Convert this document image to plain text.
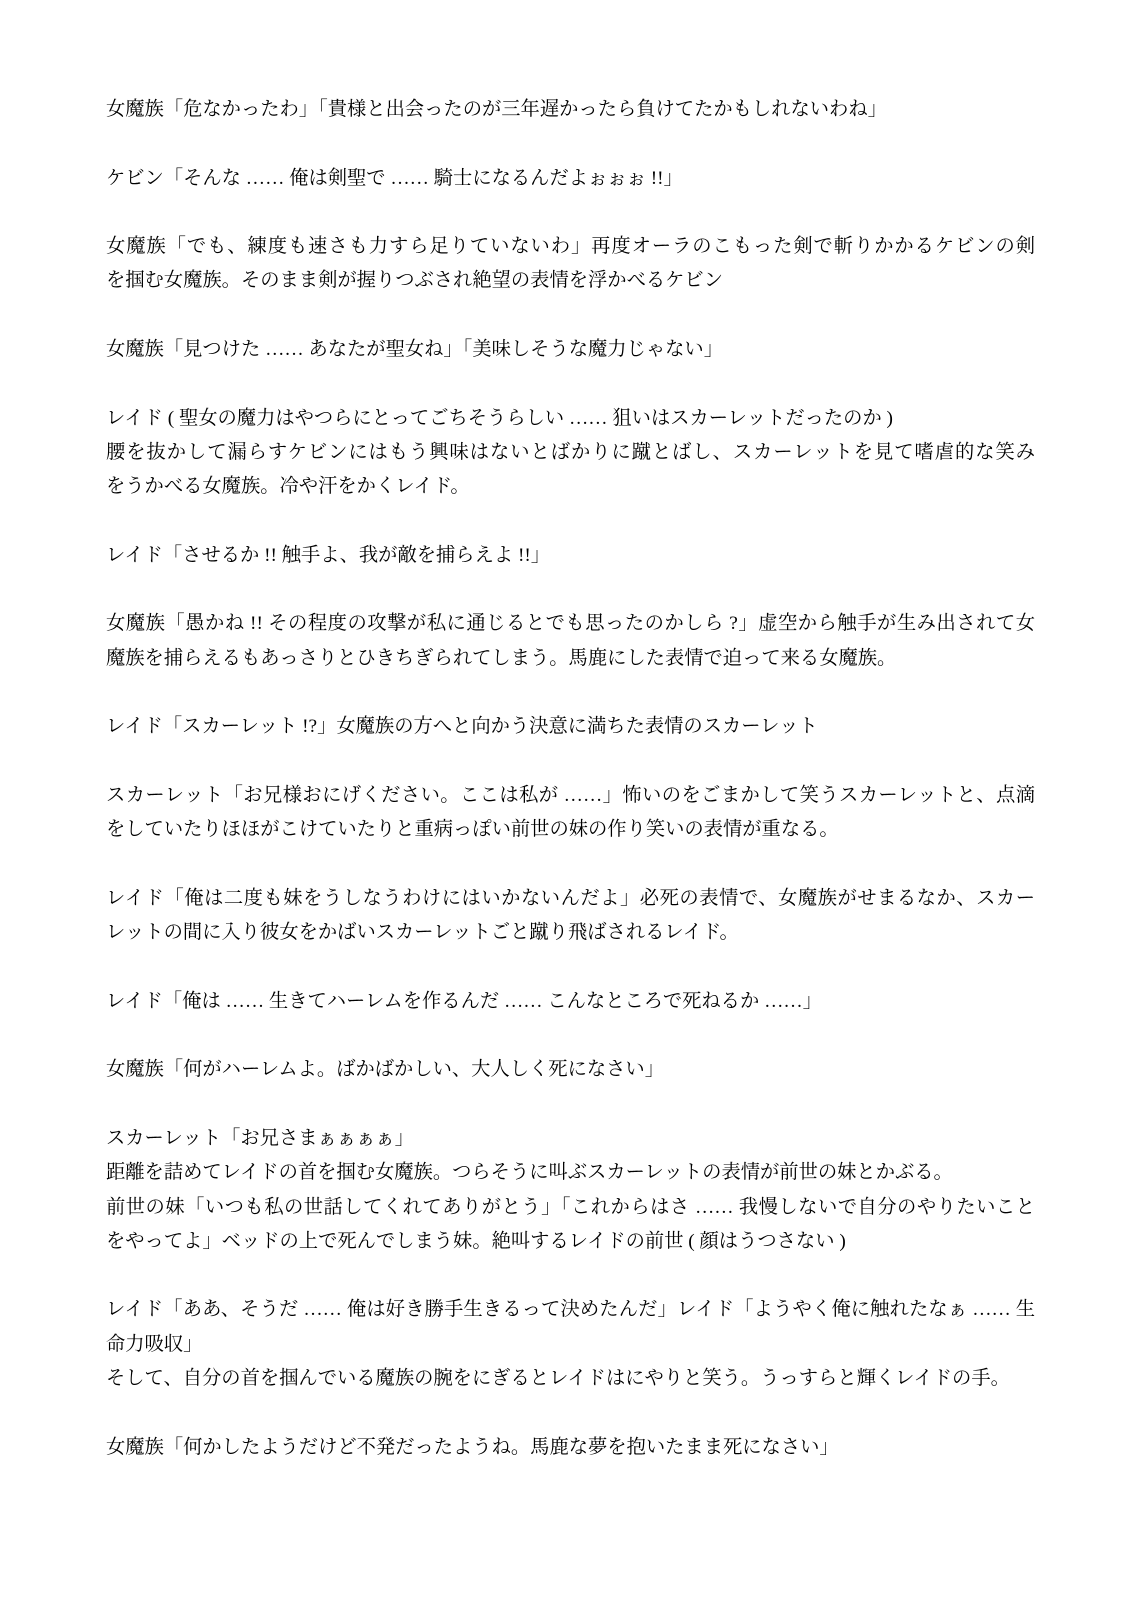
女魔族「危なかったわ」「貴様と出会ったのが三年遅かったら負けてたかもしれないわね」
ケビン「そんな …… 俺は剣聖で …… 騎士になるんだよぉぉぉ !!」
女魔族「でも、練度も速さも力すら足りていないわ」再度オーラのこもった剣で斬りかかるケビンの剣
を掴む女魔族。そのまま剣が握りつぶされ絶望の表情を浮かべるケビン
女魔族「見つけた …… あなたが聖女ね」「美味しそうな魔力じゃない」
レイド ( 聖女の魔力はやつらにとってごちそうらしい …… 狙いはスカーレットだったのか )
腰を抜かして漏らすケビンにはもう興味はないとばかりに蹴とばし、スカーレットを見て嗜虐的な笑み
をうかべる女魔族。冷や汗をかくレイド。
レイド「させるか !! 触手よ、我が敵を捕らえよ !!」
女魔族「愚かね !! その程度の攻撃が私に通じるとでも思ったのかしら ?」虚空から触手が生み出されて女
魔族を捕らえるもあっさりとひきちぎられてしまう。馬鹿にした表情で迫って来る女魔族。
レイド「スカーレット !?」女魔族の方へと向かう決意に満ちた表情のスカーレット
スカーレット「お兄様おにげください。ここは私が ……」怖いのをごまかして笑うスカーレットと、点滴
をしていたりほほがこけていたりと重病っぽい前世の妹の作り笑いの表情が重なる。
レイド「俺は二度も妹をうしなうわけにはいかないんだよ」必死の表情で、女魔族がせまるなか、スカー
レットの間に入り彼女をかばいスカーレットごと蹴り飛ばされるレイド。
レイド「俺は …… 生きてハーレムを作るんだ …… こんなところで死ねるか ……」
女魔族「何がハーレムよ。ばかばかしい、大人しく死になさい」
スカーレット「お兄さまぁぁぁぁ」
距離を詰めてレイドの首を掴む女魔族。つらそうに叫ぶスカーレットの表情が前世の妹とかぶる。
前世の妹「いつも私の世話してくれてありがとう」「これからはさ …… 我慢しないで自分のやりたいこと
をやってよ」ベッドの上で死んでしまう妹。絶叫するレイドの前世 ( 顔はうつさない )
レイド「ああ、そうだ …… 俺は好き勝手生きるって決めたんだ」レイド「ようやく俺に触れたなぁ …… 生
命力吸収」
そして、自分の首を掴んでいる魔族の腕をにぎるとレイドはにやりと笑う。うっすらと輝くレイドの手。
女魔族「何かしたようだけど不発だったようね。馬鹿な夢を抱いたまま死になさい」
